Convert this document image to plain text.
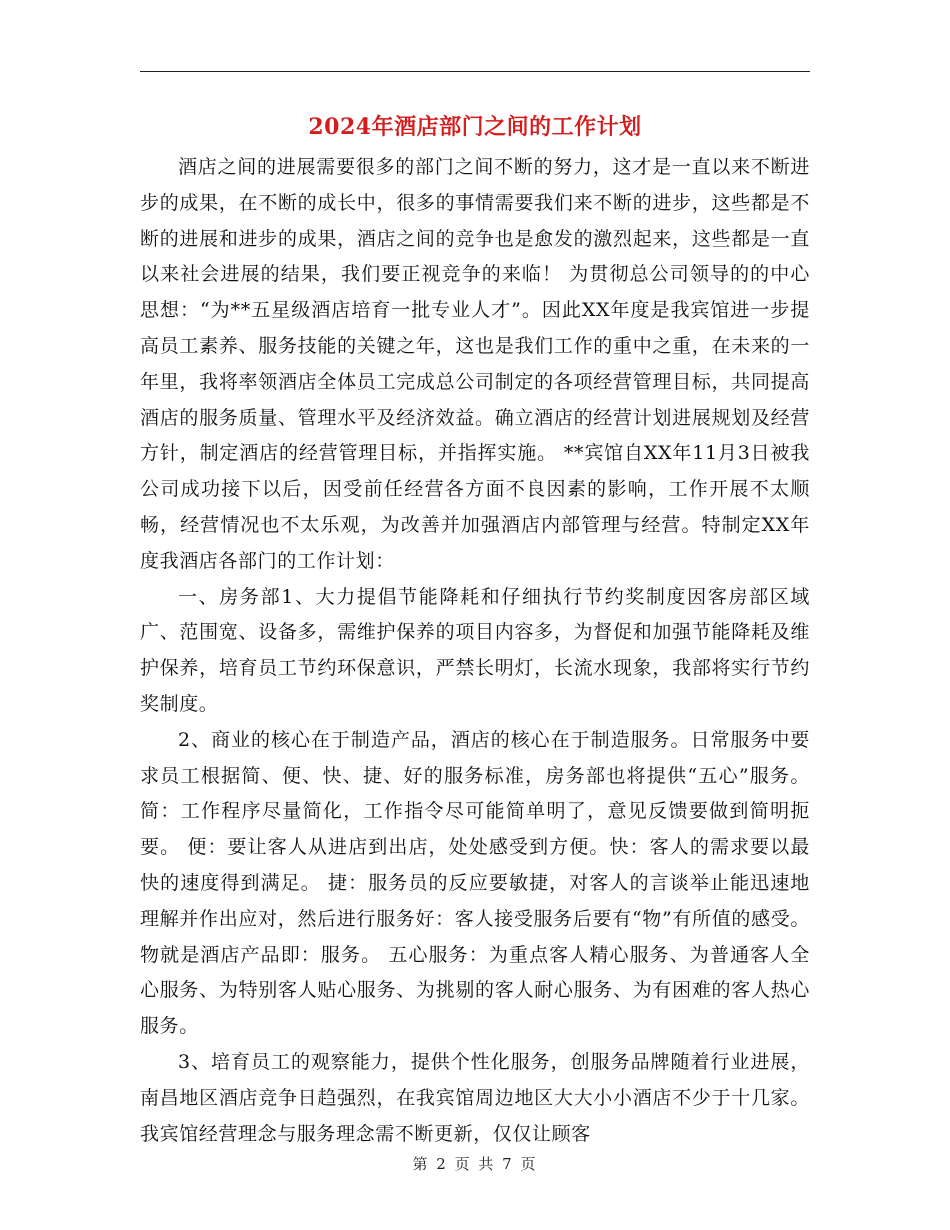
2024年酒店部门之间的工作计划

酒店之间的进展需要很多的部门之间不断的努力，这才是一直以来不断进步的成果，在不断的成长中，很多的事情需要我们来不断的进步，这些都是不断的进展和进步的成果，酒店之间的竞争也是愈发的激烈起来，这些都是一直以来社会进展的结果，我们要正视竞争的来临！ 为贯彻总公司领导的的中心思想：“为**五星级酒店培育一批专业人才”。因此XX年度是我宾馆进一步提高员工素养、服务技能的关键之年，这也是我们工作的重中之重，在未来的一年里，我将率领酒店全体员工完成总公司制定的各项经营管理目标，共同提高酒店的服务质量、管理水平及经济效益。确立酒店的经营计划进展规划及经营方针，制定酒店的经营管理目标，并指挥实施。 **宾馆自XX年11月3日被我公司成功接下以后，因受前任经营各方面不良因素的影响，工作开展不太顺畅，经营情况也不太乐观，为改善并加强酒店内部管理与经营。特制定XX年度我酒店各部门的工作计划：

一、房务部1、大力提倡节能降耗和仔细执行节约奖制度因客房部区域广、范围宽、设备多，需维护保养的项目内容多，为督促和加强节能降耗及维护保养，培育员工节约环保意识，严禁长明灯，长流水现象，我部将实行节约奖制度。

2、商业的核心在于制造产品，酒店的核心在于制造服务。日常服务中要求员工根据简、便、快、捷、好的服务标准，房务部也将提供“五心”服务。简：工作程序尽量简化，工作指令尽可能简单明了，意见反馈要做到简明扼要。 便：要让客人从进店到出店，处处感受到方便。快：客人的需求要以最快的速度得到满足。 捷：服务员的反应要敏捷，对客人的言谈举止能迅速地理解并作出应对，然后进行服务好：客人接受服务后要有“物”有所值的感受。物就是酒店产品即：服务。 五心服务：为重点客人精心服务、为普通客人全心服务、为特别客人贴心服务、为挑剔的客人耐心服务、为有困难的客人热心服务。

3、培育员工的观察能力，提供个性化服务，创服务品牌随着行业进展，南昌地区酒店竞争日趋强烈，在我宾馆周边地区大大小小酒店不少于十几家。我宾馆经营理念与服务理念需不断更新，仅仅让顾客

第 2 页 共 7 页
